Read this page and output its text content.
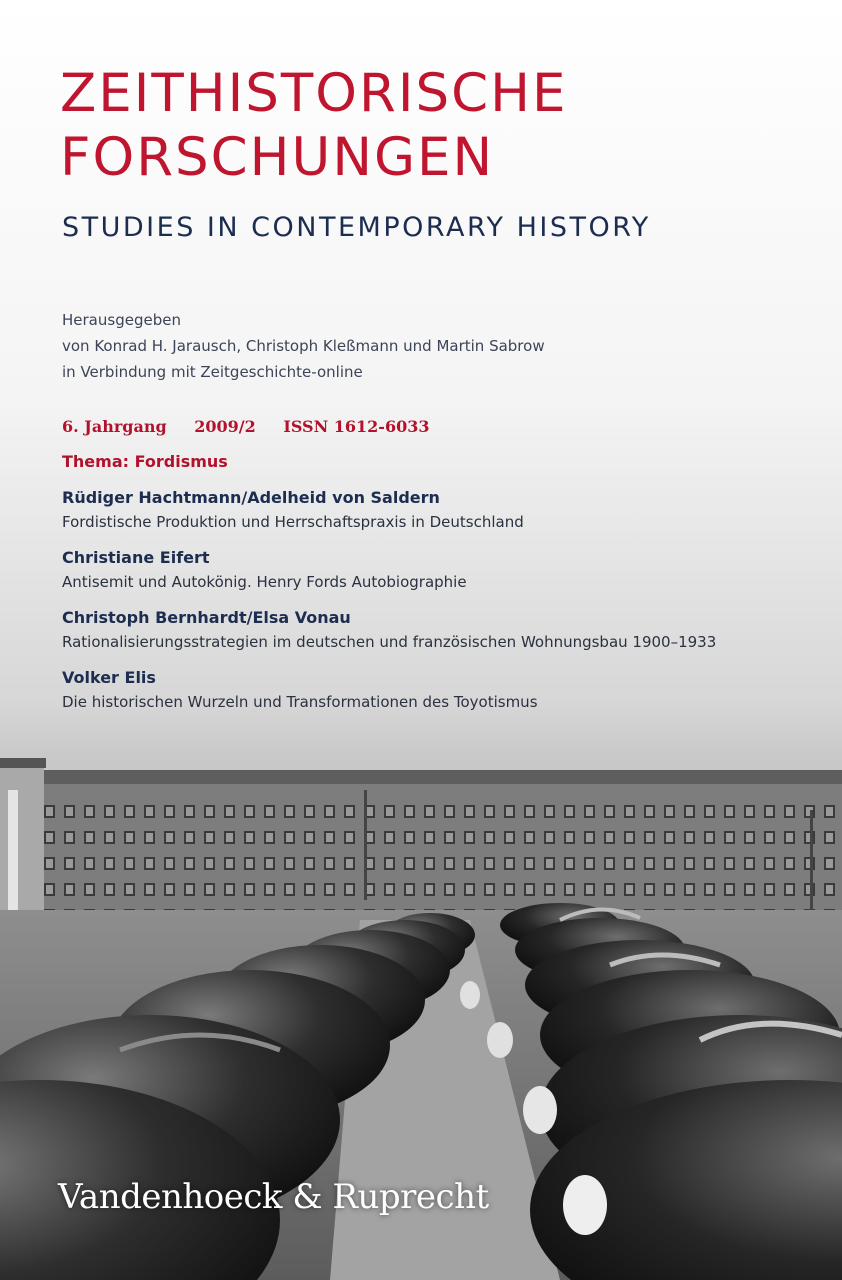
ZEITHISTORISCHE
FORSCHUNGEN
STUDIES IN CONTEMPORARY HISTORY
Herausgegeben
von Konrad H. Jarausch, Christoph Kleßmann und Martin Sabrow
in Verbindung mit Zeitgeschichte-online
6. Jahrgang 2009/2 ISSN 1612-6033
Thema: Fordismus
Rüdiger Hachtmann/Adelheid von Saldern
Fordistische Produktion und Herrschaftspraxis in Deutschland
Christiane Eifert
Antisemit und Autokönig. Henry Fords Autobiographie
Christoph Bernhardt/Elsa Vonau
Rationalisierungsstrategien im deutschen und französischen Wohnungsbau 1900–1933
Volker Elis
Die historischen Wurzeln und Transformationen des Toyotismus
Vandenhoeck & Ruprecht
